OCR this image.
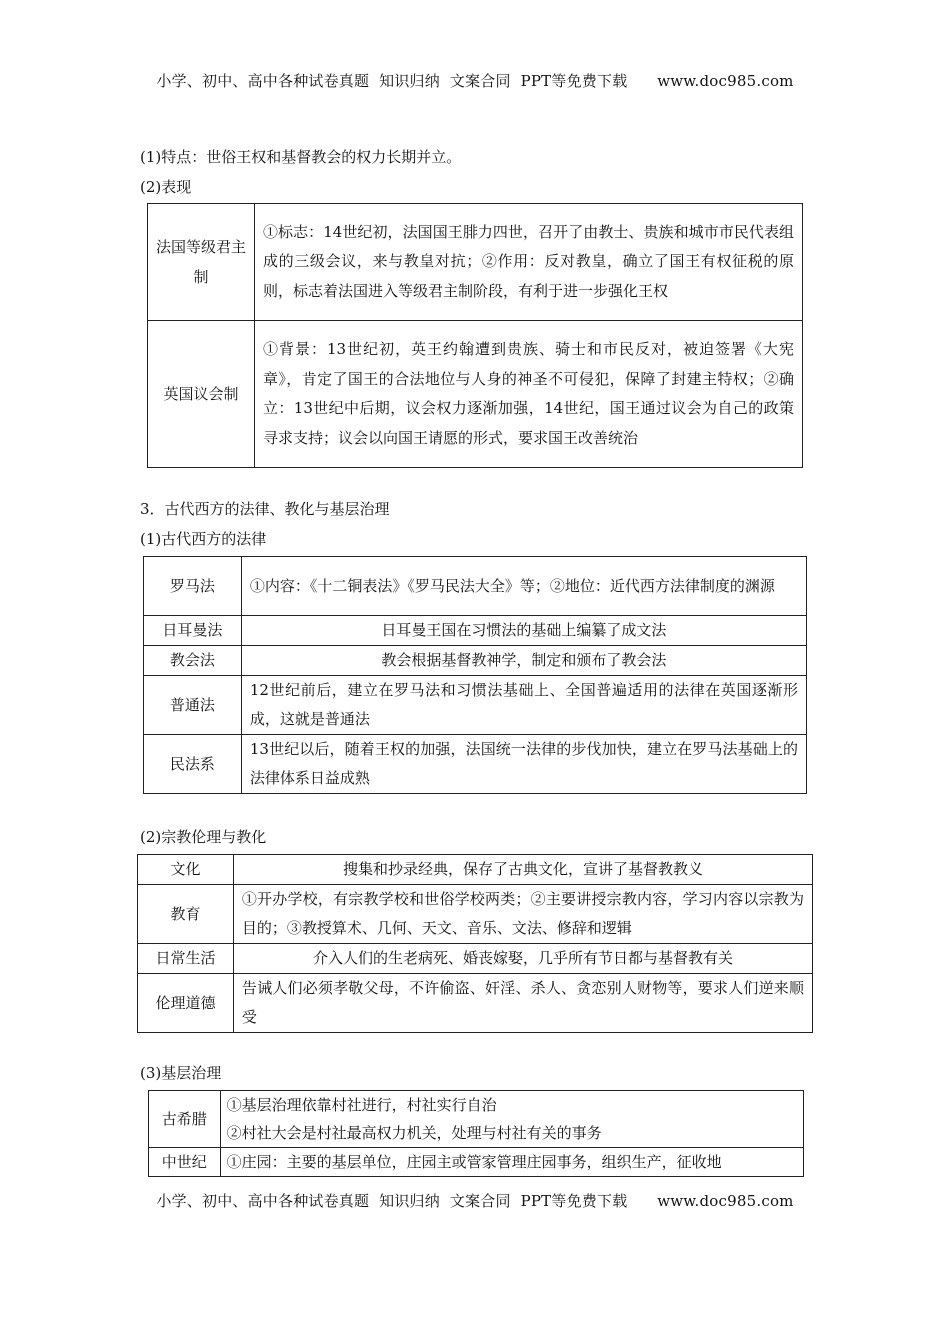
小学、初中、高中各种试卷真题  知识归纳  文案合同  PPT等免费下载      www.doc985.com
(1)特点：世俗王权和基督教会的权力长期并立。
(2)表现
法国等级君主制	①标志：14世纪初，法国国王腓力四世，召开了由教士、贵族和城市市民代表组成的三级会议，来与教皇对抗；②作用：反对教皇，确立了国王有权征税的原则，标志着法国进入等级君主制阶段，有利于进一步强化王权
英国议会制	①背景：13世纪初，英王约翰遭到贵族、骑士和市民反对，被迫签署《大宪章》，肯定了国王的合法地位与人身的神圣不可侵犯，保障了封建主特权；②确立：13世纪中后期，议会权力逐渐加强，14世纪，国王通过议会为自己的政策寻求支持；议会以向国王请愿的形式，要求国王改善统治
3．古代西方的法律、教化与基层治理
(1)古代西方的法律
罗马法	①内容：《十二铜表法》《罗马民法大全》等；②地位：近代西方法律制度的渊源
日耳曼法	日耳曼王国在习惯法的基础上编纂了成文法
教会法	教会根据基督教神学，制定和颁布了教会法
普通法	12世纪前后，建立在罗马法和习惯法基础上、全国普遍适用的法律在英国逐渐形成，这就是普通法
民法系	13世纪以后，随着王权的加强，法国统一法律的步伐加快，建立在罗马法基础上的法律体系日益成熟
(2)宗教伦理与教化
文化	搜集和抄录经典，保存了古典文化，宣讲了基督教教义
教育	①开办学校，有宗教学校和世俗学校两类；②主要讲授宗教内容，学习内容以宗教为目的；③教授算术、几何、天文、音乐、文法、修辞和逻辑
日常生活	介入人们的生老病死、婚丧嫁娶，几乎所有节日都与基督教有关
伦理道德	告诫人们必须孝敬父母，不许偷盗、奸淫、杀人、贪恋别人财物等，要求人们逆来顺受
(3)基层治理
古希腊	①基层治理依靠村社进行，村社实行自治
②村社大会是村社最高权力机关，处理与村社有关的事务

中世纪	①庄园：主要的基层单位，庄园主或管家管理庄园事务，组织生产，征收地
小学、初中、高中各种试卷真题  知识归纳  文案合同  PPT等免费下载      www.doc985.com
